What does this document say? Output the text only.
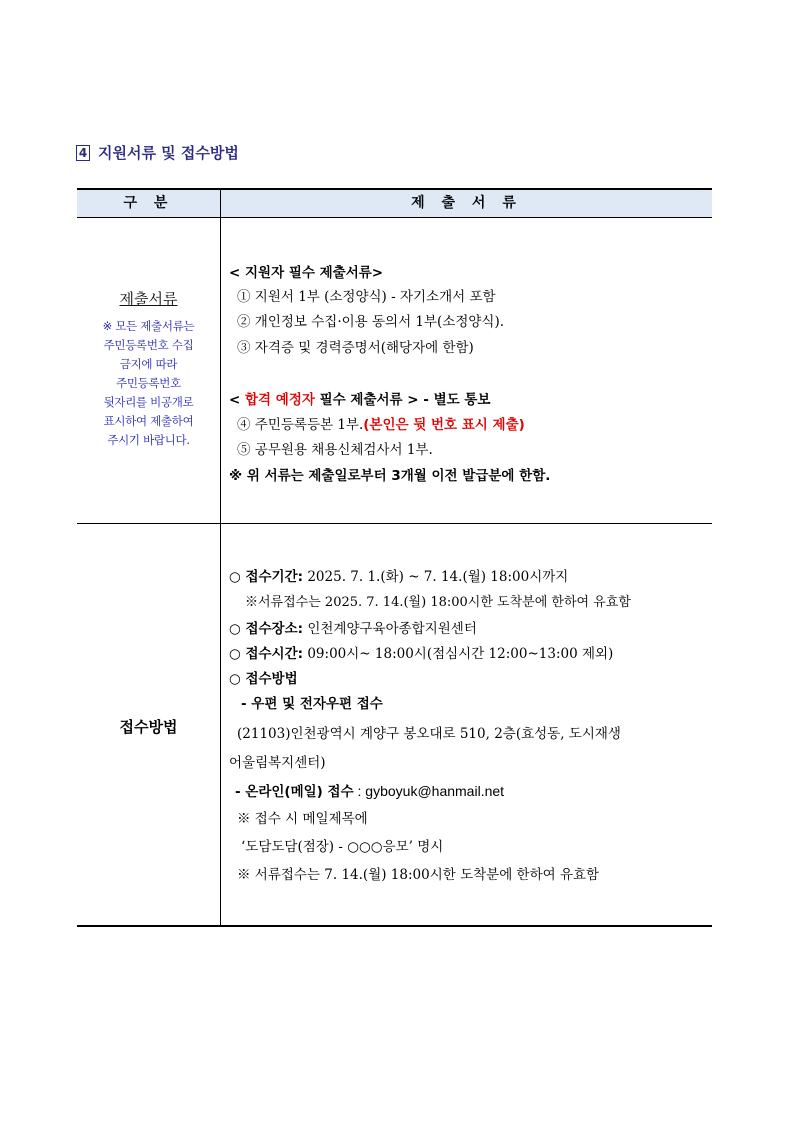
4 지원서류 및 접수방법
구 분	제 출 서 류
제출서류
※ 모든 제출서류는
주민등록번호 수집
금지에 따라
주민등록번호
뒷자리를 비공개로
표시하여 제출하여
주시기 바랍니다.
< 지원자 필수 제출서류>
① 지원서 1부 (소정양식) - 자기소개서 포함
② 개인정보 수집·이용 동의서 1부(소정양식).
③ 자격증 및 경력증명서(해당자에 한함)
< 합격 예정자 필수 제출서류 > - 별도 통보
④ 주민등록등본 1부.(본인은 뒷 번호 표시 제출)
⑤ 공무원용 채용신체검사서 1부.
※ 위 서류는 제출일로부터 3개월 이전 발급분에 한함.
접수방법
○ 접수기간: 2025. 7. 1.(화) ~ 7. 14.(월) 18:00시까지
※서류접수는 2025. 7. 14.(월) 18:00시한 도착분에 한하여 유효함
○ 접수장소: 인천계양구육아종합지원센터
○ 접수시간: 09:00시~ 18:00시(점심시간 12:00~13:00 제외)
○ 접수방법
- 우편 및 전자우편 접수
(21103)인천광역시 계양구 봉오대로 510, 2층(효성동, 도시재생
어울림복지센터)
- 온라인(메일) 접수 : gyboyuk@hanmail.net
※ 접수 시 메일제목에
‘도담도담(점장) - ○○○응모’ 명시
※ 서류접수는 7. 14.(월) 18:00시한 도착분에 한하여 유효함
